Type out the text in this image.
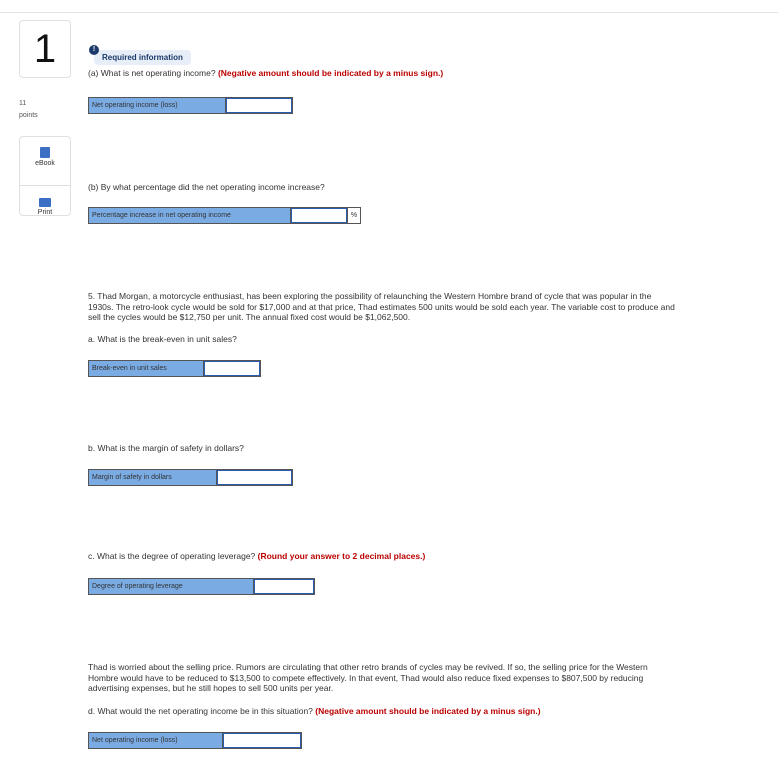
1
11
points
eBook
Print
Required information
!
(a) What is net operating income? (Negative amount should be indicated by a minus sign.)
Net operating income (loss)
(b) By what percentage did the net operating income increase?
Percentage increase in net operating income	%
5. Thad Morgan, a motorcycle enthusiast, has been exploring the possibility of relaunching the Western Hombre brand of cycle that was popular in the 1930s. The retro-look cycle would be sold for $17,000 and at that price, Thad estimates 500 units would be sold each year. The variable cost to produce and sell the cycles would be $12,750 per unit. The annual fixed cost would be $1,062,500.
a. What is the break-even in unit sales?
Break-even in unit sales
b. What is the margin of safety in dollars?
Margin of safety in dollars
c. What is the degree of operating leverage? (Round your answer to 2 decimal places.)
Degree of operating leverage
Thad is worried about the selling price. Rumors are circulating that other retro brands of cycles may be revived. If so, the selling price for the Western Hombre would have to be reduced to $13,500 to compete effectively. In that event, Thad would also reduce fixed expenses to $807,500 by reducing advertising expenses, but he still hopes to sell 500 units per year.
d. What would the net operating income be in this situation? (Negative amount should be indicated by a minus sign.)
Net operating income (loss)
